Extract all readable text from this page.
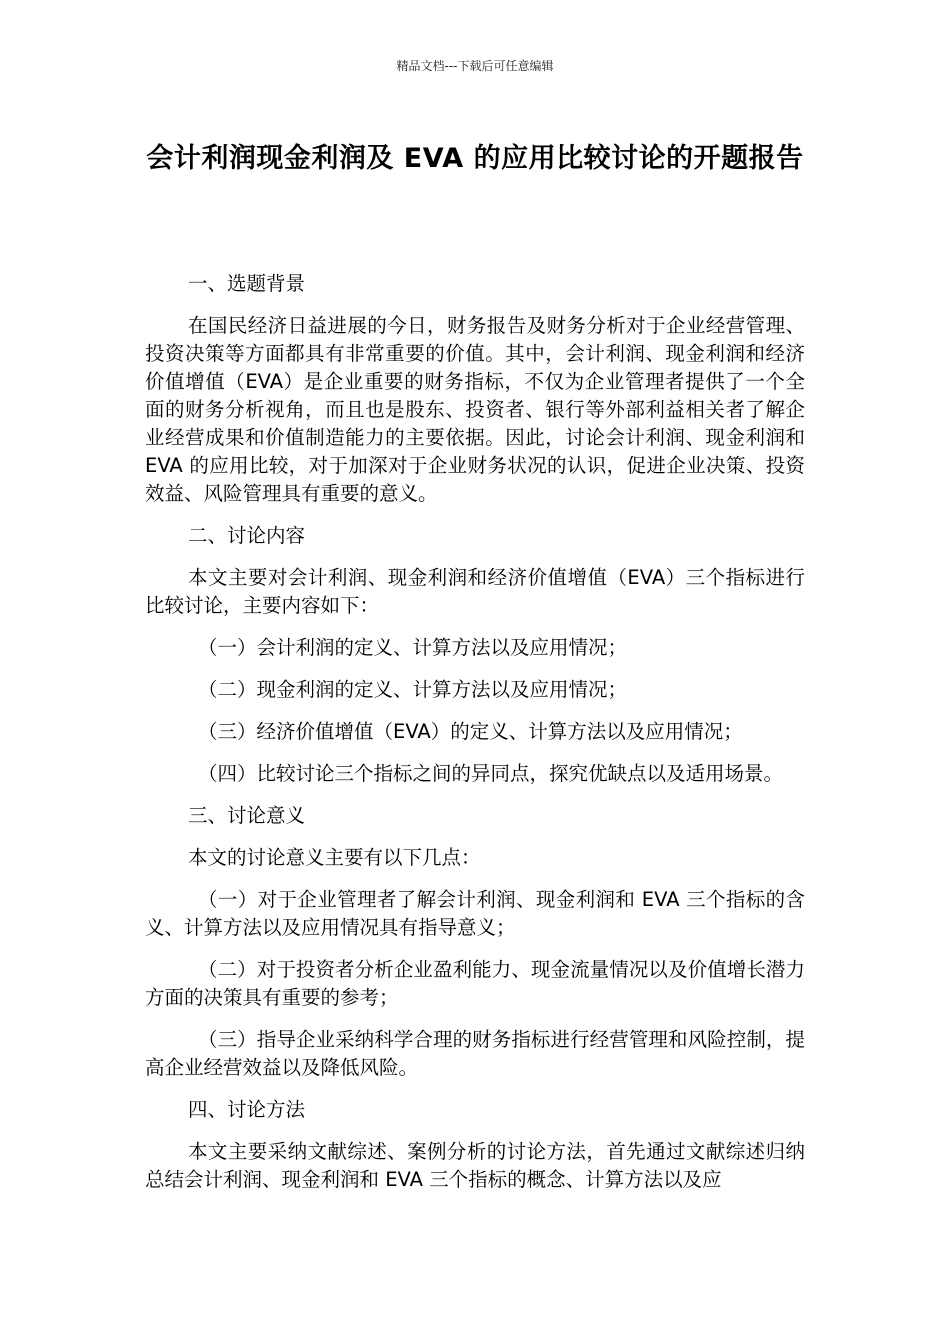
精品文档---下载后可任意编辑
会计利润现金利润及 EVA 的应用比较讨论的开题报告

一、选题背景

在国民经济日益进展的今日，财务报告及财务分析对于企业经营管理、投资决策等方面都具有非常重要的价值。其中，会计利润、现金利润和经济价值增值（EVA）是企业重要的财务指标，不仅为企业管理者提供了一个全面的财务分析视角，而且也是股东、投资者、银行等外部利益相关者了解企业经营成果和价值制造能力的主要依据。因此，讨论会计利润、现金利润和 EVA 的应用比较，对于加深对于企业财务状况的认识，促进企业决策、投资效益、风险管理具有重要的意义。

二、讨论内容

本文主要对会计利润、现金利润和经济价值增值（EVA）三个指标进行比较讨论，主要内容如下：

（一）会计利润的定义、计算方法以及应用情况；

（二）现金利润的定义、计算方法以及应用情况；

（三）经济价值增值（EVA）的定义、计算方法以及应用情况；

（四）比较讨论三个指标之间的异同点，探究优缺点以及适用场景。

三、讨论意义

本文的讨论意义主要有以下几点：

（一）对于企业管理者了解会计利润、现金利润和 EVA 三个指标的含义、计算方法以及应用情况具有指导意义；

（二）对于投资者分析企业盈利能力、现金流量情况以及价值增长潜力方面的决策具有重要的参考；

（三）指导企业采纳科学合理的财务指标进行经营管理和风险控制，提高企业经营效益以及降低风险。

四、讨论方法

本文主要采纳文献综述、案例分析的讨论方法，首先通过文献综述归纳总结会计利润、现金利润和 EVA 三个指标的概念、计算方法以及应
